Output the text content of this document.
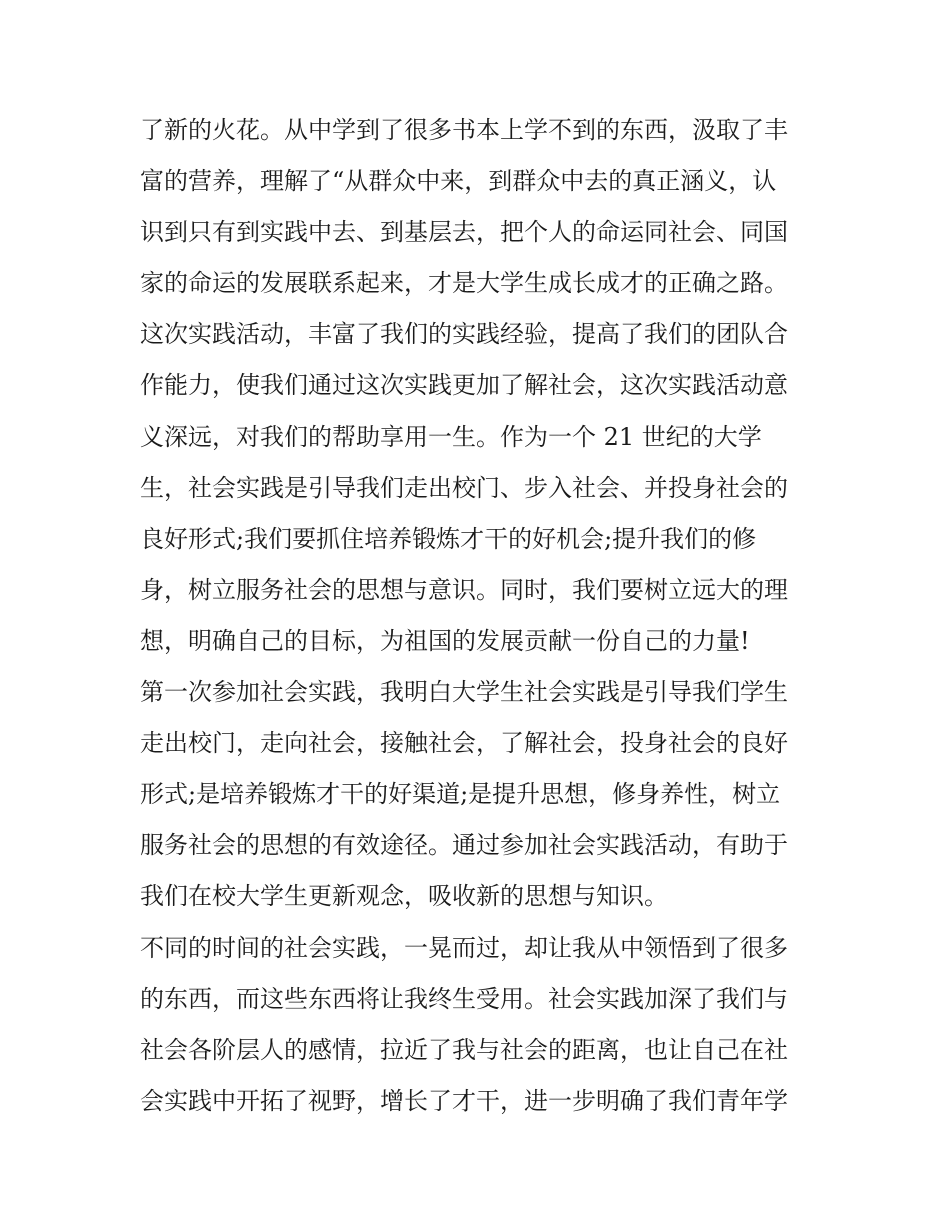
了新的火花。从中学到了很多书本上学不到的东西，汲取了丰
富的营养，理解了“从群众中来，到群众中去的真正涵义，认
识到只有到实践中去、到基层去，把个人的命运同社会、同国
家的命运的发展联系起来，才是大学生成长成才的正确之路。
这次实践活动，丰富了我们的实践经验，提高了我们的团队合
作能力，使我们通过这次实践更加了解社会，这次实践活动意
义深远，对我们的帮助享用一生。作为一个 21 世纪的大学
生，社会实践是引导我们走出校门、步入社会、并投身社会的
良好形式;我们要抓住培养锻炼才干的好机会;提升我们的修
身，树立服务社会的思想与意识。同时，我们要树立远大的理
想，明确自己的目标，为祖国的发展贡献一份自己的力量!
第一次参加社会实践，我明白大学生社会实践是引导我们学生
走出校门，走向社会，接触社会，了解社会，投身社会的良好
形式;是培养锻炼才干的好渠道;是提升思想，修身养性，树立
服务社会的思想的有效途径。通过参加社会实践活动，有助于
我们在校大学生更新观念，吸收新的思想与知识。
不同的时间的社会实践，一晃而过，却让我从中领悟到了很多
的东西，而这些东西将让我终生受用。社会实践加深了我们与
社会各阶层人的感情，拉近了我与社会的距离，也让自己在社
会实践中开拓了视野，增长了才干，进一步明确了我们青年学
